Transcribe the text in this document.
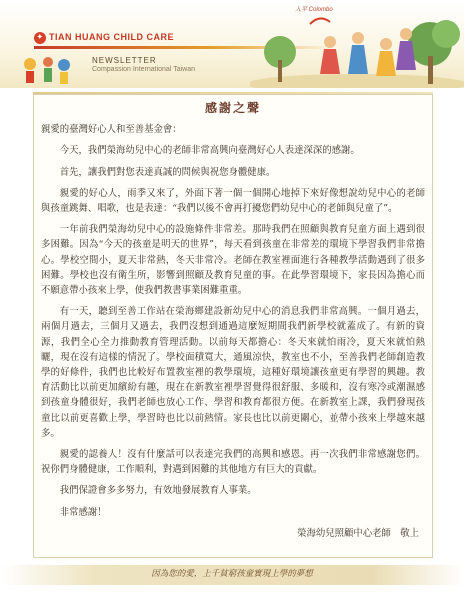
✦ TIAN HUANG CHILD CARE
NEWSLETTER
Compassion International Taiwan
入平 Colombo
感謝之聲

親愛的臺灣好心人和至善基金會：

今天，我們榮海幼兒中心的老師非常高興向臺灣好心人表達深深的感謝。

首先，讓我們對您表達真誠的問候與祝您身體健康。

親愛的好心人，雨季又來了，外面下著一個一個開心地掉下來好像想說幼兒中心的老師與孩童跳舞、唱歌，也是表達：“我們以後不會再打擾您們幼兒中心的老師與兒童了”。

一年前我們榮海幼兒中心的設施條件非常差。那時我們在照顧與教育兒童方面上遇到很多困難。因為“今天的孩童是明天的世界”，每天看到孩童在非常差的環境下學習我們非常擔心。學校空間小，夏天非常熱，冬天非常冷。老師在教室裡面進行各種教學活動遇到了很多困難。學校也沒有衛生所，影響到照顧及教育兒童的事。在此學習環境下，家長因為擔心而不願意帶小孩來上學，使我們教書事業困難重重。

有一天，聽到至善工作站在榮海鄉建設新幼兒中心的消息我們非常高興。一個月過去，兩個月過去，三個月又過去，我們沒想到通過這麼短期間我們新學校就蓋成了。有新的資源，我們全心全力推動教育管理活動。以前每天都擔心：冬天來就怕雨冷，夏天來就怕熱曬，現在沒有這樣的情況了。學校面積寬大，通風涼快，教室也不小，至善我們老師創造教學的好條件，我們也比較好布置教室裡的教學環境，這種好環境讓孩童更有學習的興趣。教育活動比以前更加繽紛有趣，現在在新教室裡學習覺得很舒服、多暖和，沒有寒冷或潮濕感到孩童身體很好，我們老師也放心工作、學習和教育都很方便。在新教室上課，我們發現孩童比以前更喜歡上學，學習時也比以前熱情。家長也比以前更關心，並帶小孩來上學越來越多。

親愛的認養人！沒有什麼話可以表達完我們的高興和感恩。再一次我們非常感謝您們。祝你們身體健康，工作順利，對遇到困難的其他地方有巨大的貢獻。

我們保證會多多努力，有效地發展教育人事業。

非常感謝！

榮海幼兒照顧中心老師　敬上
因為您的愛，上千貧窮孩童實現上學的夢想
